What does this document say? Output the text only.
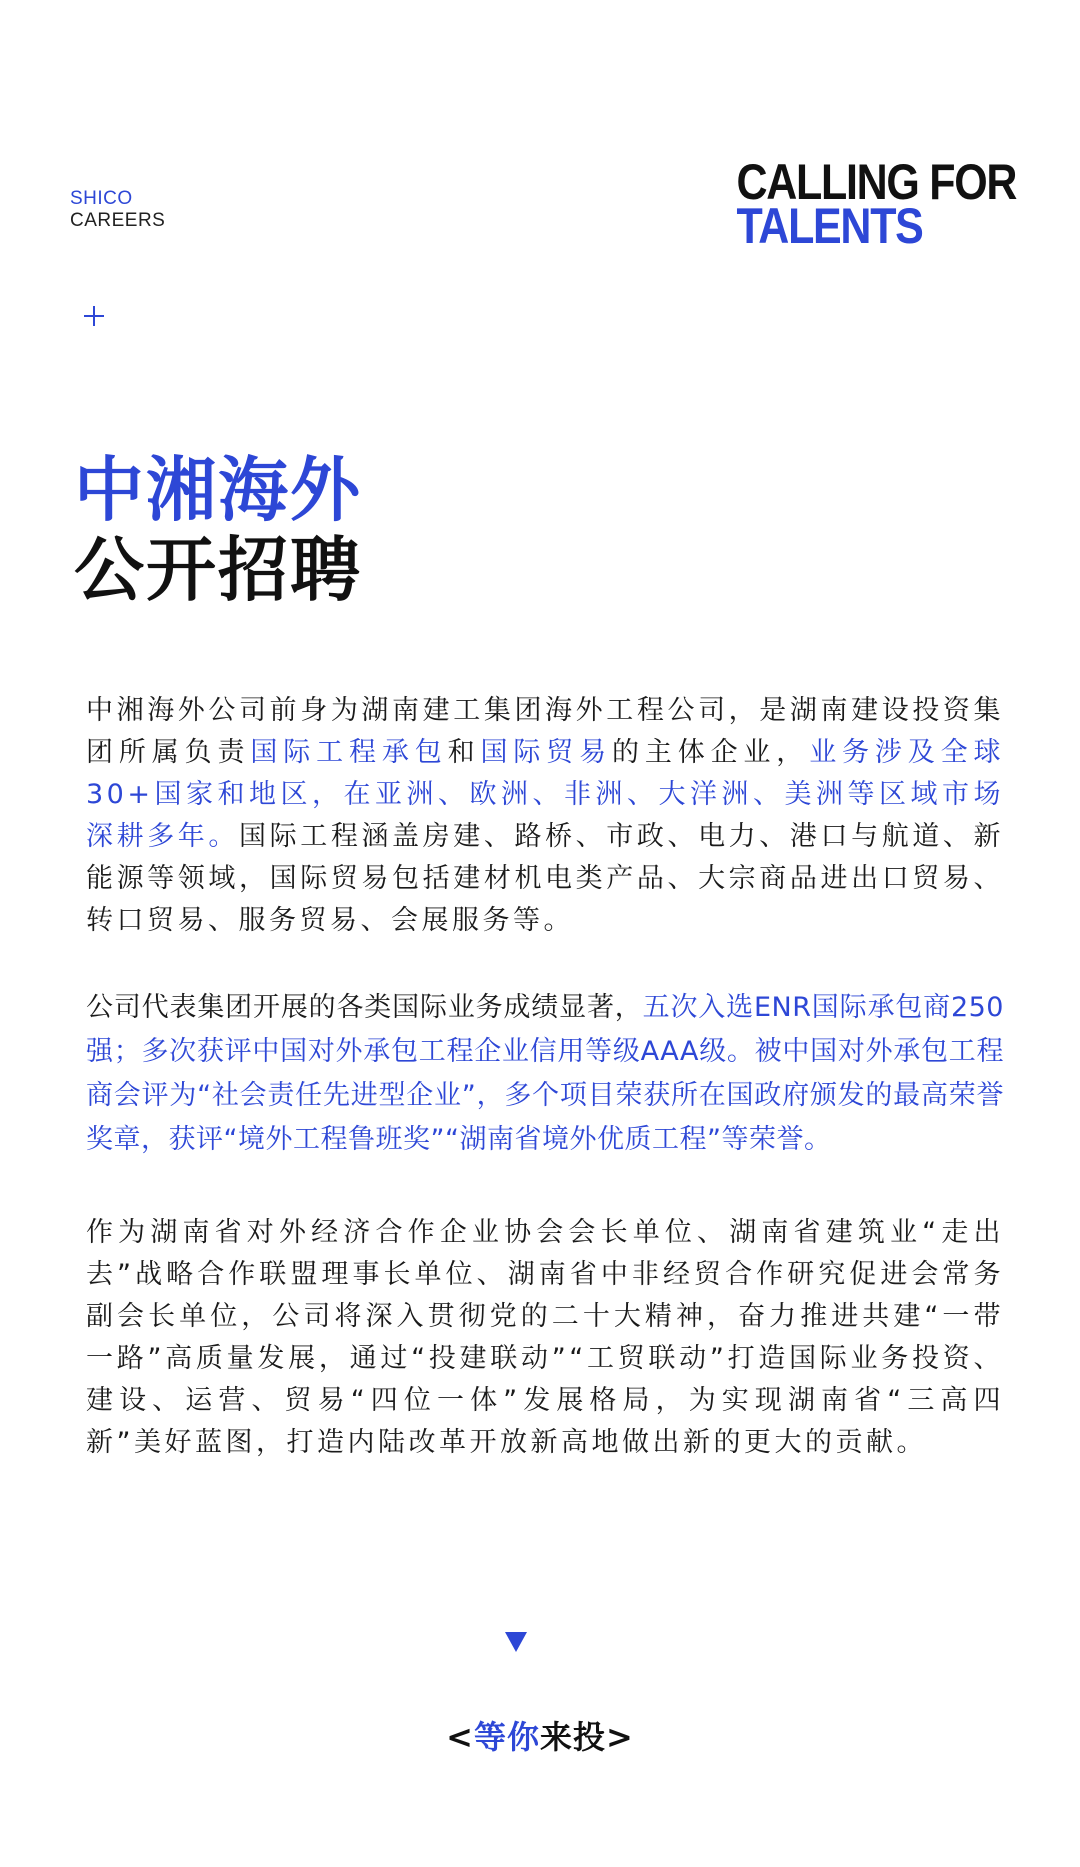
SHICO
CAREERS
CALLING FOR
TALENTS
中湘海外
公开招聘
中湘海外公司前身为湖南建工集团海外工程公司，是湖南建设投资集团所属负责国际工程承包和国际贸易的主体企业，业务涉及全球30+国家和地区，在亚洲、欧洲、非洲、大洋洲、美洲等区域市场深耕多年。国际工程涵盖房建、路桥、市政、电力、港口与航道、新能源等领域，国际贸易包括建材机电类产品、大宗商品进出口贸易、转口贸易、服务贸易、会展服务等。
公司代表集团开展的各类国际业务成绩显著，五次入选ENR国际承包商250强；多次获评中国对外承包工程企业信用等级AAA级。被中国对外承包工程商会评为“社会责任先进型企业”，多个项目荣获所在国政府颁发的最高荣誉奖章，获评“境外工程鲁班奖”“湖南省境外优质工程”等荣誉。
作为湖南省对外经济合作企业协会会长单位、湖南省建筑业“走出去”战略合作联盟理事长单位、湖南省中非经贸合作研究促进会常务副会长单位，公司将深入贯彻党的二十大精神，奋力推进共建“一带一路”高质量发展，通过“投建联动”“工贸联动”打造国际业务投资、建设、运营、贸易“四位一体”发展格局，为实现湖南省“三高四新”美好蓝图，打造内陆改革开放新高地做出新的更大的贡献。
<等你来投>
